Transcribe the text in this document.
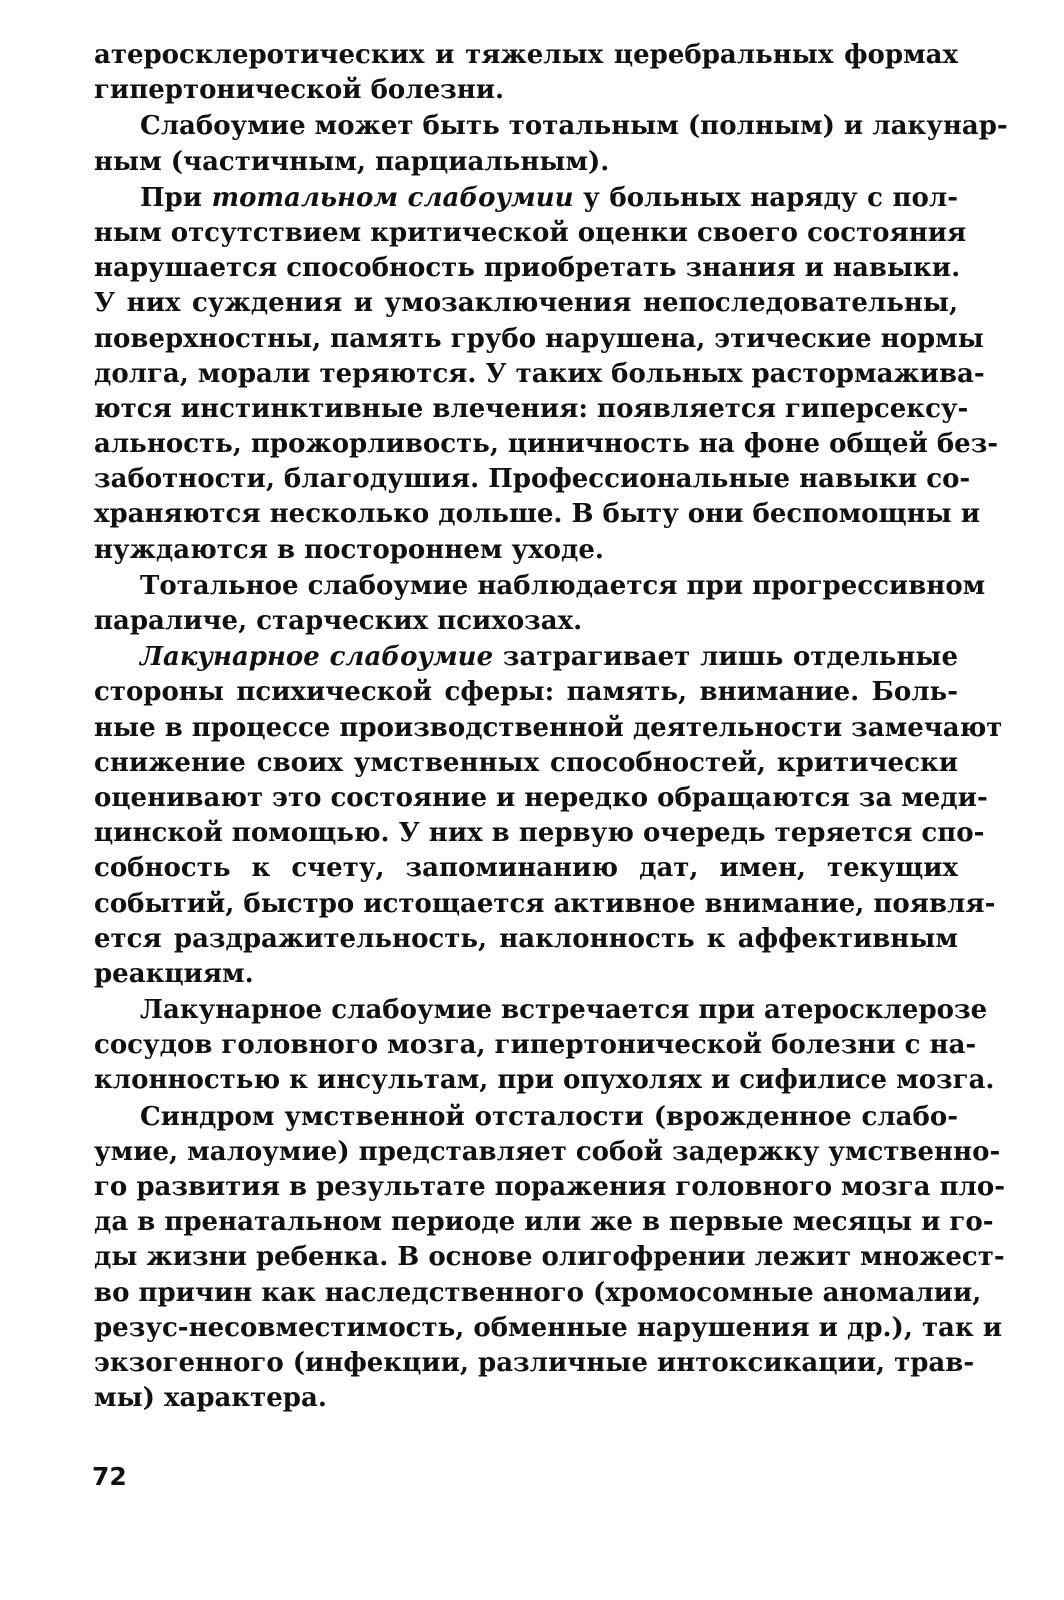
атеросклеротических и тяжелых церебральных формах
гипертонической болезни.
Слабоумие может быть тотальным (полным) и лакунар-
ным (частичным, парциальным).
При тотальном слабоумии у больных наряду с пол-
ным отсутствием критической оценки своего состояния
нарушается способность приобретать знания и навыки.
У них суждения и умозаключения непоследовательны,
поверхностны, память грубо нарушена, этические нормы
долга, морали теряются. У таких больных растормажива-
ются инстинктивные влечения: появляется гиперсексу-
альность, прожорливость, циничность на фоне общей без-
заботности, благодушия. Профессиональные навыки со-
храняются несколько дольше. В быту они беспомощны и
нуждаются в постороннем уходе.
Тотальное слабоумие наблюдается при прогрессивном
параличе, старческих психозах.
Лакунарное слабоумие затрагивает лишь отдельные
стороны психической сферы: память, внимание. Боль-
ные в процессе производственной деятельности замечают
снижение своих умственных способностей, критически
оценивают это состояние и нередко обращаются за меди-
цинской помощью. У них в первую очередь теряется спо-
собность к счету, запоминанию дат, имен, текущих
событий, быстро истощается активное внимание, появля-
ется раздражительность, наклонность к аффективным
реакциям.
Лакунарное слабоумие встречается при атеросклерозе
сосудов головного мозга, гипертонической болезни с на-
клонностью к инсультам, при опухолях и сифилисе мозга.
Синдром умственной отсталости (врожденное слабо-
умие, малоумие) представляет собой задержку умственно-
го развития в результате поражения головного мозга пло-
да в пренатальном периоде или же в первые месяцы и го-
ды жизни ребенка. В основе олигофрении лежит множест-
во причин как наследственного (хромосомные аномалии,
резус-несовместимость, обменные нарушения и др.), так и
экзогенного (инфекции, различные интоксикации, трав-
мы) характера.
72
